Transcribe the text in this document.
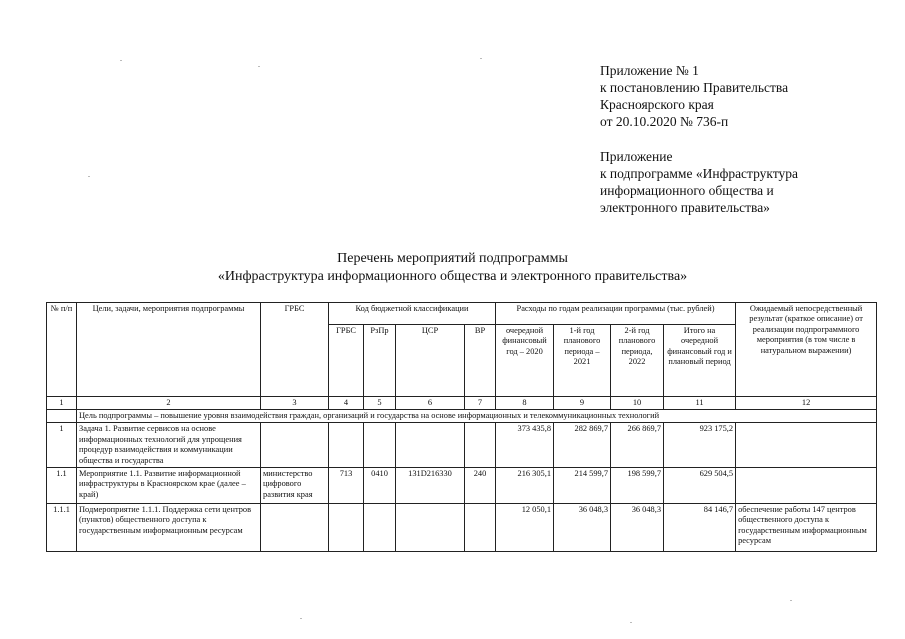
Приложение № 1
к постановлению Правительства
Красноярского края
от 20.10.2020 № 736-п
Приложение
к подпрограмме «Инфраструктура
информационного общества и
электронного правительства»
Перечень мероприятий подпрограммы
«Инфраструктура информационного общества и электронного правительства»
№ п/п	Цели, задачи, мероприятия подпрограммы	ГРБС	Код бюджетной классификации				Расходы по годам реализации программы (тыс. рублей)				Ожидаемый непосредственный результат (краткое описание) от реализации подпрограммного мероприятия (в том числе в натуральном выражении)
			ГРБС	РзПр	ЦСР	ВР	очередной финансовый год – 2020	1-й год планового периода – 2021	2-й год планового периода, 2022	Итого на очередной финансовый год и плановый период	
1	2	3	4	5	6	7	8	9	10	11	12
	Цель подпрограммы – повышение уровня взаимодействия граждан, организаций и государства на основе информационных и телекоммуникационных технологий										
1	Задача 1. Развитие сервисов на основе информационных технологий для упрощения процедур взаимодействия и коммуникации общества и государства						373 435,8	282 869,7	266 869,7	923 175,2	
1.1	Мероприятие 1.1. Развитие информационной инфраструктуры в Красноярском крае (далее – край)	министерство цифрового развития края	713	0410	131D216330	240	216 305,1	214 599,7	198 599,7	629 504,5	
1.1.1	Подмероприятие 1.1.1. Поддержка сети центров (пунктов) общественного доступа к государственным информационным ресурсам						12 050,1	36 048,3	36 048,3	84 146,7	обеспечение работы 147 центров общественного доступа к государственным информационным ресурсам
